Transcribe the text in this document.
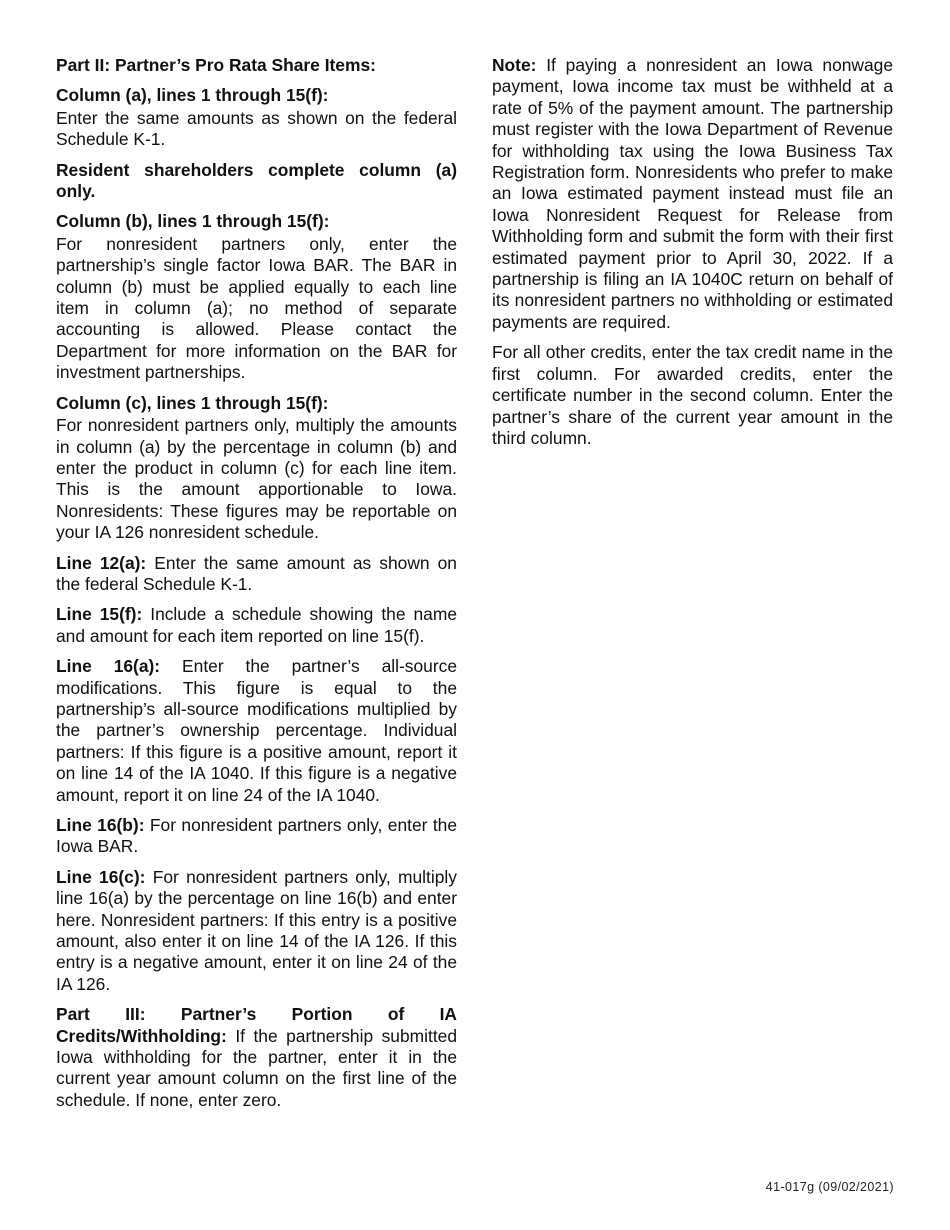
Part II: Partner’s Pro Rata Share Items:

Column (a), lines 1 through 15(f):

Enter the same amounts as shown on the federal Schedule K-1.

Resident shareholders complete column (a) only.

Column (b), lines 1 through 15(f):

For nonresident partners only, enter the partnership’s single factor Iowa BAR. The BAR in column (b) must be applied equally to each line item in column (a); no method of separate accounting is allowed. Please contact the Department for more information on the BAR for investment partnerships.

Column (c), lines 1 through 15(f):

For nonresident partners only, multiply the amounts in column (a) by the percentage in column (b) and enter the product in column (c) for each line item. This is the amount apportionable to Iowa. Nonresidents: These figures may be reportable on your IA 126 nonresident schedule.

Line 12(a): Enter the same amount as shown on the federal Schedule K-1.

Line 15(f): Include a schedule showing the name and amount for each item reported on line 15(f).

Line 16(a): Enter the partner’s all-source modifications. This figure is equal to the partnership’s all-source modifications multiplied by the partner’s ownership percentage. Individual partners: If this figure is a positive amount, report it on line 14 of the IA 1040. If this figure is a negative amount, report it on line 24 of the IA 1040.

Line 16(b): For nonresident partners only, enter the Iowa BAR.

Line 16(c): For nonresident partners only, multiply line 16(a) by the percentage on line 16(b) and enter here. Nonresident partners: If this entry is a positive amount, also enter it on line 14 of the IA 126. If this entry is a negative amount, enter it on line 24 of the IA 126.

Part III: Partner’s Portion of IA Credits/Withholding: If the partnership submitted Iowa withholding for the partner, enter it in the current year amount column on the first line of the schedule. If none, enter zero.

Note: If paying a nonresident an Iowa nonwage payment, Iowa income tax must be withheld at a rate of 5% of the payment amount. The partnership must register with the Iowa Department of Revenue for withholding tax using the Iowa Business Tax Registration form. Nonresidents who prefer to make an Iowa estimated payment instead must file an Iowa Nonresident Request for Release from Withholding form and submit the form with their first estimated payment prior to April 30, 2022. If a partnership is filing an IA 1040C return on behalf of its nonresident partners no withholding or estimated payments are required.

For all other credits, enter the tax credit name in the first column. For awarded credits, enter the certificate number in the second column. Enter the partner’s share of the current year amount in the third column.

41-017g (09/02/2021)
